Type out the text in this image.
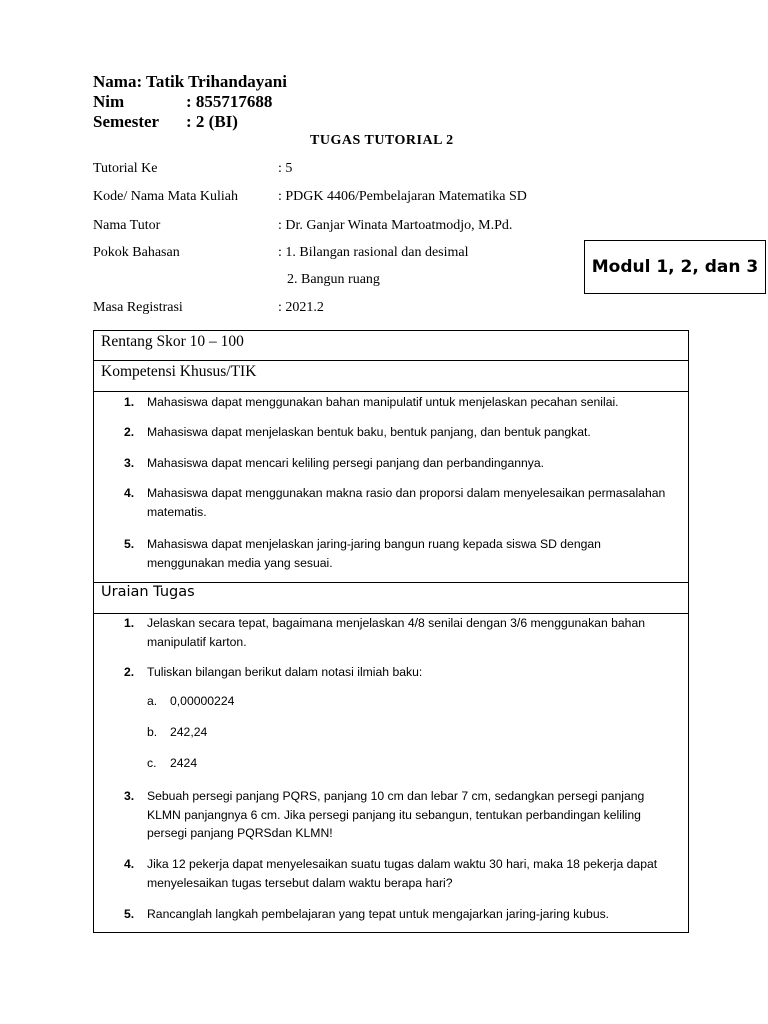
Nama: Tatik Trihandayani
Nim	: 855717688
Semester : 2 (BI)
TUGAS TUTORIAL 2
Tutorial Ke	: 5
Kode/ Nama Mata Kuliah	: PDGK 4406/Pembelajaran Matematika SD
Nama Tutor	: Dr. Ganjar Winata Martoatmodjo, M.Pd.
Pokok Bahasan	: 1. Bilangan rasional dan desimal
2. Bangun ruang
Masa Registrasi	: 2021.2
Modul 1, 2, dan 3
Rentang Skor 10 – 100
Kompetensi Khusus/TIK
1. Mahasiswa dapat menggunakan bahan manipulatif untuk menjelaskan pecahan senilai.
2. Mahasiswa dapat menjelaskan bentuk baku, bentuk panjang, dan bentuk pangkat.
3. Mahasiswa dapat mencari keliling persegi panjang dan perbandingannya.
4. Mahasiswa dapat menggunakan makna rasio dan proporsi dalam menyelesaikan permasalahan matematis.
5. Mahasiswa dapat menjelaskan jaring-jaring bangun ruang kepada siswa SD dengan menggunakan media yang sesuai.
Uraian Tugas
1. Jelaskan secara tepat, bagaimana menjelaskan 4/8 senilai dengan 3/6 menggunakan bahan manipulatif karton.
2. Tuliskan bilangan berikut dalam notasi ilmiah baku:
a. 0,00000224
b. 242,24
c. 2424
3. Sebuah persegi panjang PQRS, panjang 10 cm dan lebar 7 cm, sedangkan persegi panjang KLMN panjangnya 6 cm. Jika persegi panjang itu sebangun, tentukan perbandingan keliling persegi panjang PQRSdan KLMN!
4. Jika 12 pekerja dapat menyelesaikan suatu tugas dalam waktu 30 hari, maka 18 pekerja dapat menyelesaikan tugas tersebut dalam waktu berapa hari?
5. Rancanglah langkah pembelajaran yang tepat untuk mengajarkan jaring-jaring kubus.
